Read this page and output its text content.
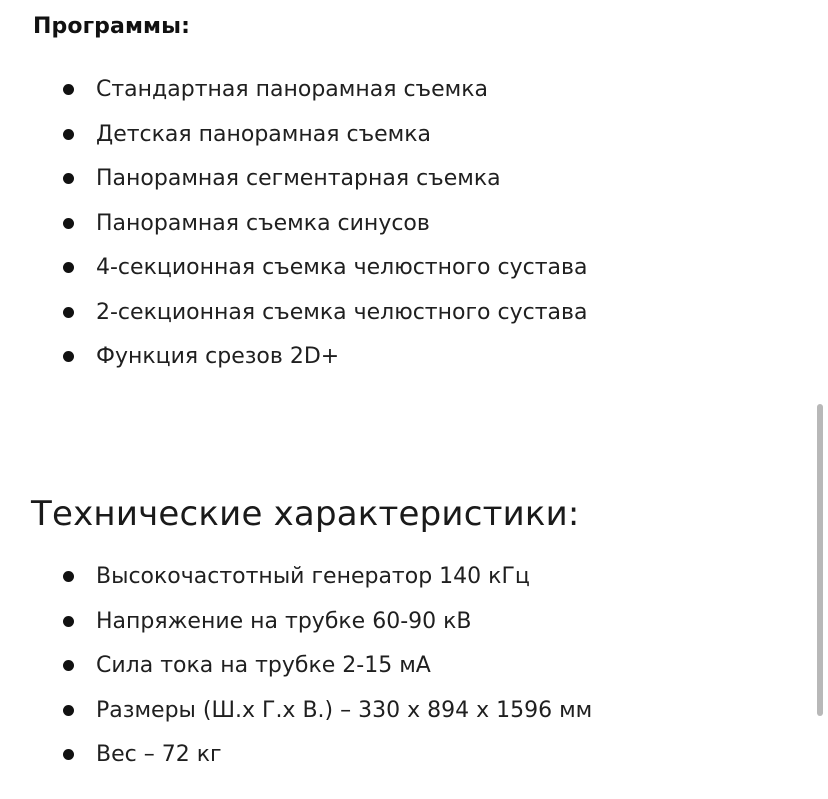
Программы:
Стандартная панорамная съемка
Детская панорамная съемка
Панорамная сегментарная съемка
Панорамная съемка синусов
4-секционная съемка челюстного сустава
2-секционная съемка челюстного сустава
Функция срезов 2D+
Технические характеристики:
Высокочастотный генератор 140 кГц
Напряжение на трубке 60-90 кВ
Сила тока на трубке 2-15 мА
Размеры (Ш.х Г.х В.) – 330 х 894 х 1596 мм
Вес – 72 кг
